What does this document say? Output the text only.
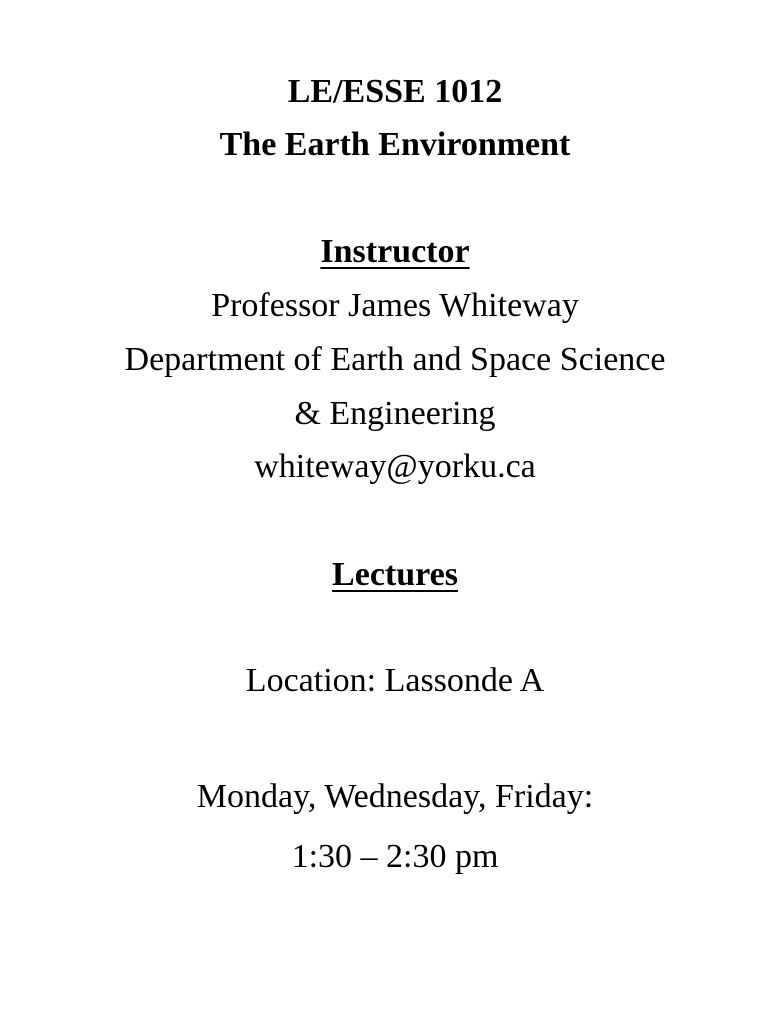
LE/ESSE 1012
The Earth Environment
Instructor
Professor James Whiteway
Department of Earth and Space Science
& Engineering
whiteway@yorku.ca
Lectures
Location: Lassonde A
Monday, Wednesday, Friday:
1:30 – 2:30 pm
